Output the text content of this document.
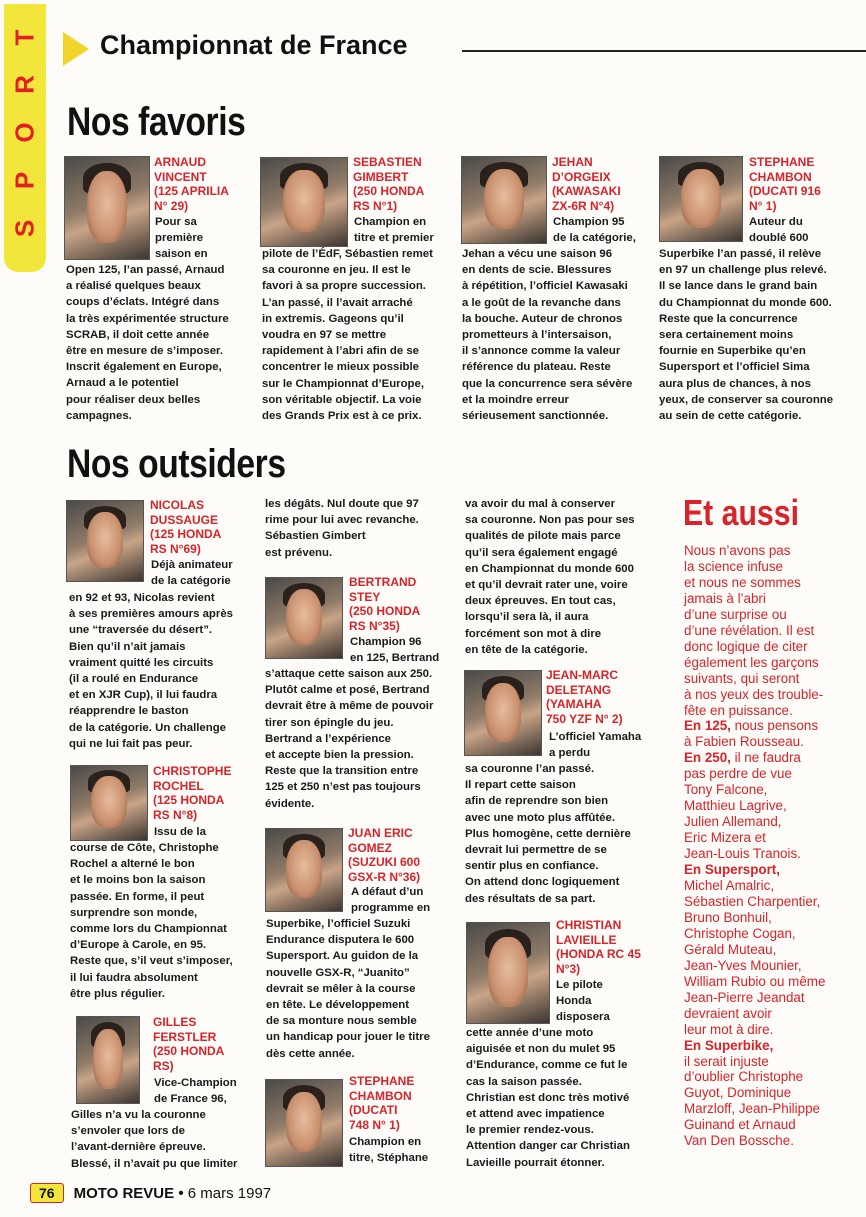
T
R
O
P
S
Championnat de France
Nos favoris
ARNAUD
VINCENT
(125 APRILIA
N° 29)
Pour sa
première
saison en
Open 125, l’an passé, Arnaud
a réalisé quelques beaux
coups d’éclats. Intégré dans
la très expérimentée structure
SCRAB, il doit cette année
être en mesure de s’imposer.
Inscrit également en Europe,
Arnaud a le potentiel
pour réaliser deux belles
campagnes.
SEBASTIEN
GIMBERT
(250 HONDA
RS N°1)
Champion en
titre et premier
pilote de l’ÉdF, Sébastien remet
sa couronne en jeu. Il est le
favori à sa propre succession.
L’an passé, il l’avait arraché
in extremis. Gageons qu’il
voudra en 97 se mettre
rapidement à l’abri afin de se
concentrer le mieux possible
sur le Championnat d’Europe,
son véritable objectif. La voie
des Grands Prix est à ce prix.
JEHAN
D’ORGEIX
(KAWASAKI
ZX-6R N°4)
Champion 95
de la catégorie,
Jehan a vécu une saison 96
en dents de scie. Blessures
à répétition, l’officiel Kawasaki
a le goût de la revanche dans
la bouche. Auteur de chronos
prometteurs à l’intersaison,
il s’annonce comme la valeur
référence du plateau. Reste
que la concurrence sera sévère
et la moindre erreur
sérieusement sanctionnée.
STEPHANE
CHAMBON
(DUCATI 916
N° 1)
Auteur du
doublé 600
Superbike l’an passé, il relève
en 97 un challenge plus relevé.
Il se lance dans le grand bain
du Championnat du monde 600.
Reste que la concurrence
sera certainement moins
fournie en Superbike qu’en
Supersport et l’officiel Sima
aura plus de chances, à nos
yeux, de conserver sa couronne
au sein de cette catégorie.
Nos outsiders
NICOLAS
DUSSAUGE
(125 HONDA
RS N°69)
Déjà animateur
de la catégorie
en 92 et 93, Nicolas revient
à ses premières amours après
une “traversée du désert”.
Bien qu’il n’ait jamais
vraiment quitté les circuits
(il a roulé en Endurance
et en XJR Cup), il lui faudra
réapprendre le baston
de la catégorie. Un challenge
qui ne lui fait pas peur.
CHRISTOPHE
ROCHEL
(125 HONDA
RS N°8)
Issu de la
course de Côte, Christophe
Rochel a alterné le bon
et le moins bon la saison
passée. En forme, il peut
surprendre son monde,
comme lors du Championnat
d’Europe à Carole, en 95.
Reste que, s’il veut s’imposer,
il lui faudra absolument
être plus régulier.
GILLES
FERSTLER
(250 HONDA
RS)
Vice-Champion
de France 96,
Gilles n’a vu la couronne
s’envoler que lors de
l’avant-dernière épreuve.
Blessé, il n’avait pu que limiter
les dégâts. Nul doute que 97
rime pour lui avec revanche.
Sébastien Gimbert
est prévenu.
BERTRAND
STEY
(250 HONDA
RS N°35)
Champion 96
en 125, Bertrand
s’attaque cette saison aux 250.
Plutôt calme et posé, Bertrand
devrait être à même de pouvoir
tirer son épingle du jeu.
Bertrand a l’expérience
et accepte bien la pression.
Reste que la transition entre
125 et 250 n’est pas toujours
évidente.
JUAN ERIC
GOMEZ
(SUZUKI 600
GSX-R N°36)
A défaut d’un
programme en
Superbike, l’officiel Suzuki
Endurance disputera le 600
Supersport. Au guidon de la
nouvelle GSX-R, “Juanito”
devrait se mêler à la course
en tête. Le développement
de sa monture nous semble
un handicap pour jouer le titre
dès cette année.
STEPHANE
CHAMBON
(DUCATI
748 N° 1)
Champion en
titre, Stéphane
va avoir du mal à conserver
sa couronne. Non pas pour ses
qualités de pilote mais parce
qu’il sera également engagé
en Championnat du monde 600
et qu’il devrait rater une, voire
deux épreuves. En tout cas,
lorsqu’il sera là, il aura
forcément son mot à dire
en tête de la catégorie.
JEAN-MARC
DELETANG
(YAMAHA
750 YZF N° 2)
L’officiel Yamaha
a perdu
sa couronne l’an passé.
Il repart cette saison
afin de reprendre son bien
avec une moto plus affûtée.
Plus homogène, cette dernière
devrait lui permettre de se
sentir plus en confiance.
On attend donc logiquement
des résultats de sa part.
CHRISTIAN
LAVIEILLE
(HONDA RC 45
N°3)
Le pilote
Honda
disposera
cette année d’une moto
aiguisée et non du mulet 95
d’Endurance, comme ce fut le
cas la saison passée.
Christian est donc très motivé
et attend avec impatience
le premier rendez-vous.
Attention danger car Christian
Lavieille pourrait étonner.
Et aussi
Nous n’avons pas
la science infuse
et nous ne sommes
jamais à l’abri
d’une surprise ou
d’une révélation. Il est
donc logique de citer
également les garçons
suivants, qui seront
à nos yeux des trouble-
fête en puissance.
En 125, nous pensons
à Fabien Rousseau.
En 250, il ne faudra
pas perdre de vue
Tony Falcone,
Matthieu Lagrive,
Julien Allemand,
Eric Mizera et
Jean-Louis Tranois.
En Supersport,
Michel Amalric,
Sébastien Charpentier,
Bruno Bonhuil,
Christophe Cogan,
Gérald Muteau,
Jean-Yves Mounier,
William Rubio ou même
Jean-Pierre Jeandat
devraient avoir
leur mot à dire.
En Superbike,
il serait injuste
d’oublier Christophe
Guyot, Dominique
Marzloff, Jean-Philippe
Guinand et Arnaud
Van Den Bossche.
76 MOTO REVUE • 6 mars 1997
